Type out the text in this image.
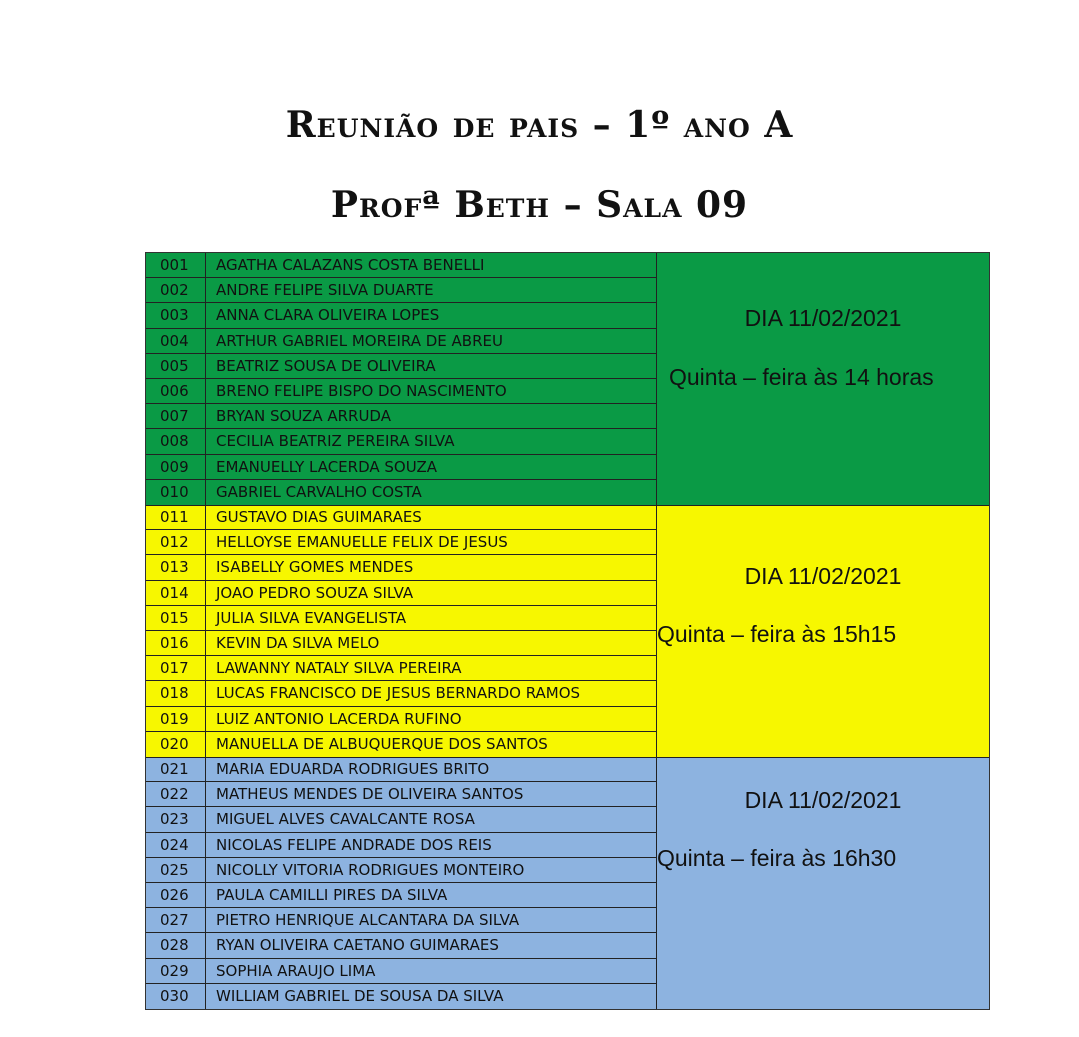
Reunião de pais – 1º ano A
Profª Beth – Sala 09
001	AGATHA CALAZANS COSTA BENELLI
002	ANDRE FELIPE SILVA DUARTE
003	ANNA CLARA OLIVEIRA LOPES
004	ARTHUR GABRIEL MOREIRA DE ABREU
005	BEATRIZ SOUSA DE OLIVEIRA
006	BRENO FELIPE BISPO DO NASCIMENTO
007	BRYAN SOUZA ARRUDA
008	CECILIA BEATRIZ PEREIRA SILVA
009	EMANUELLY LACERDA SOUZA
010	GABRIEL CARVALHO COSTA
DIA 11/02/2021
Quinta – feira às 14 horas
011	GUSTAVO DIAS GUIMARAES
012	HELLOYSE EMANUELLE FELIX DE JESUS
013	ISABELLY GOMES MENDES
014	JOAO PEDRO SOUZA SILVA
015	JULIA SILVA EVANGELISTA
016	KEVIN DA SILVA MELO
017	LAWANNY NATALY SILVA PEREIRA
018	LUCAS FRANCISCO DE JESUS BERNARDO RAMOS
019	LUIZ ANTONIO LACERDA RUFINO
020	MANUELLA DE ALBUQUERQUE DOS SANTOS
DIA 11/02/2021
Quinta – feira às 15h15
021	MARIA EDUARDA RODRIGUES BRITO
022	MATHEUS MENDES DE OLIVEIRA SANTOS
023	MIGUEL ALVES CAVALCANTE ROSA
024	NICOLAS FELIPE ANDRADE DOS REIS
025	NICOLLY VITORIA RODRIGUES MONTEIRO
026	PAULA CAMILLI PIRES DA SILVA
027	PIETRO HENRIQUE ALCANTARA DA SILVA
028	RYAN OLIVEIRA CAETANO GUIMARAES
029	SOPHIA ARAUJO LIMA
030	WILLIAM GABRIEL DE SOUSA DA SILVA
DIA 11/02/2021
Quinta – feira às 16h30
